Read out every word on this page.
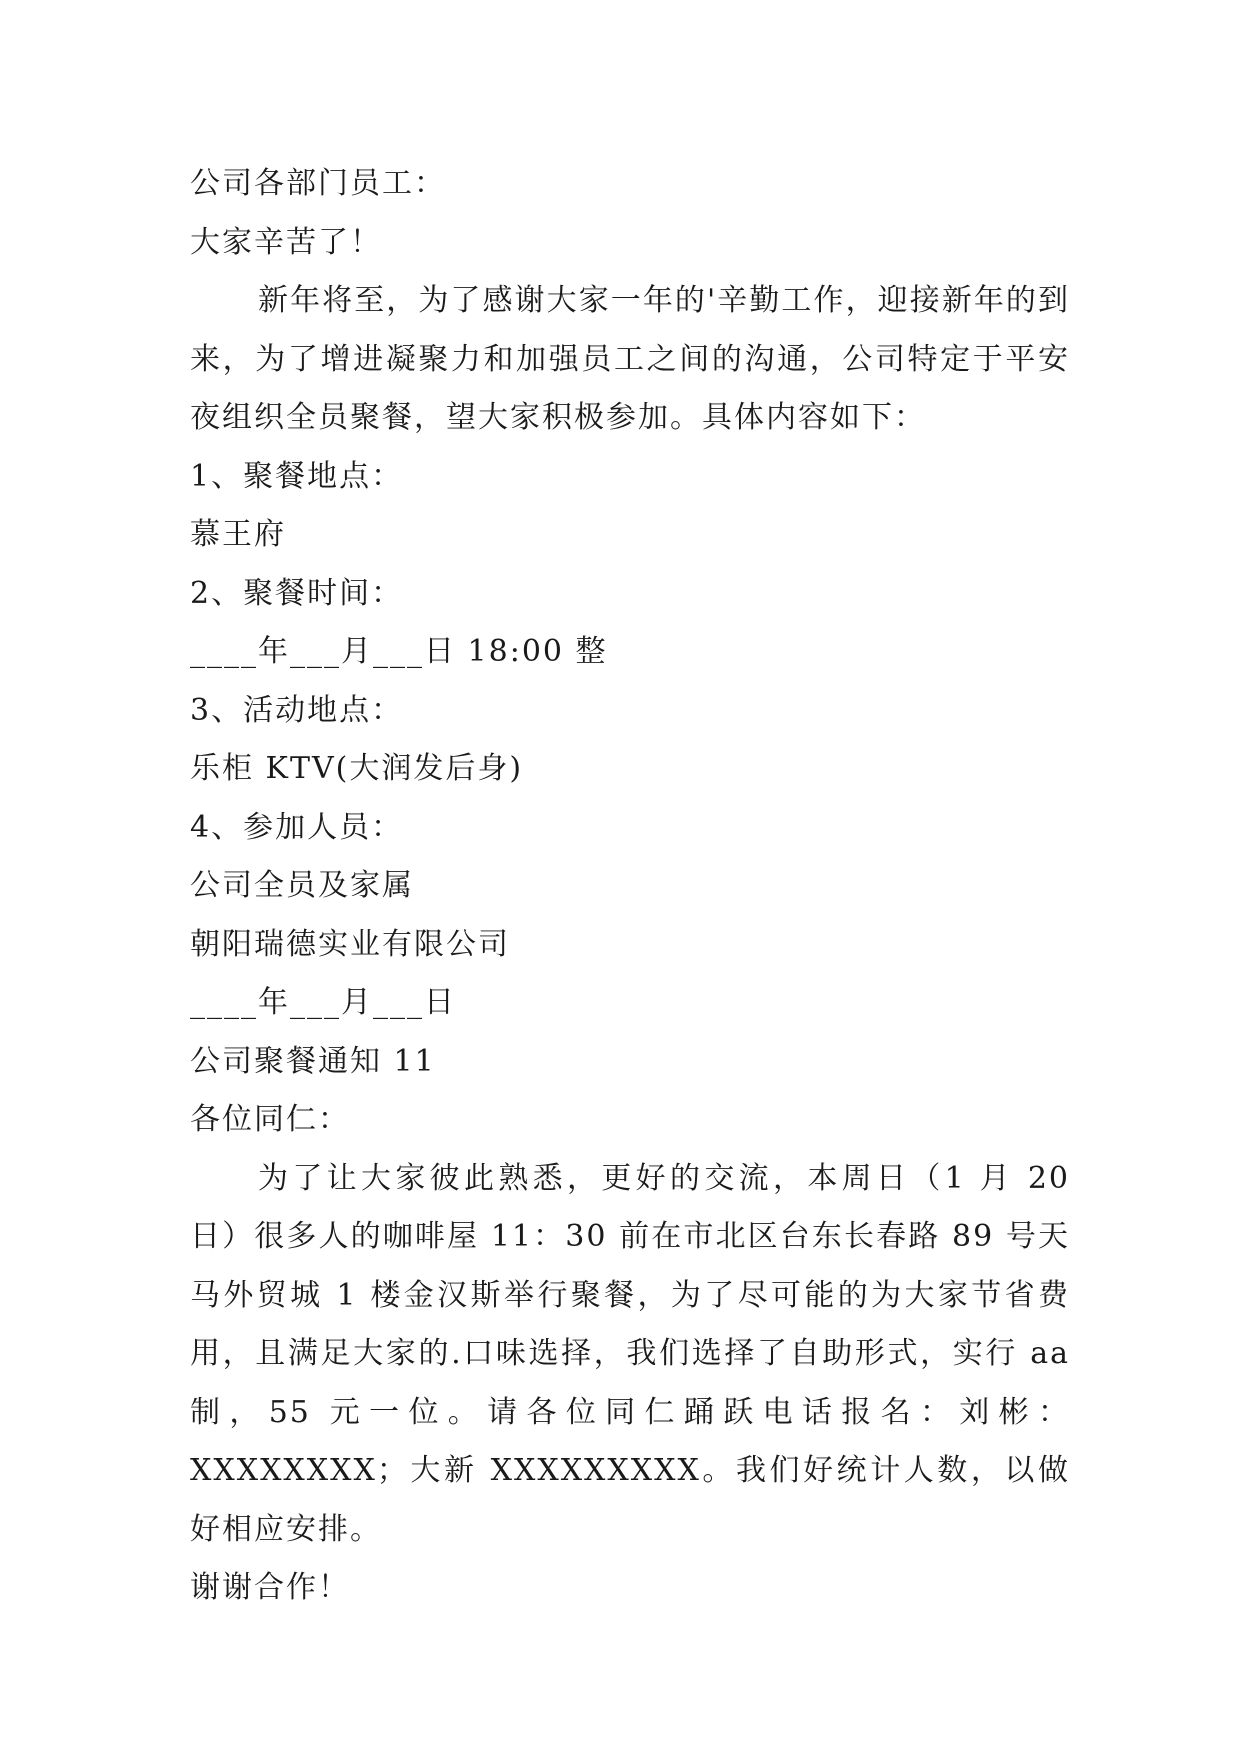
公司各部门员工：

大家辛苦了！

新年将至，为了感谢大家一年的'辛勤工作，迎接新年的到来，为了增进凝聚力和加强员工之间的沟通，公司特定于平安夜组织全员聚餐，望大家积极参加。具体内容如下：

1、聚餐地点：

慕王府

2、聚餐时间：

____年___月___日 18:00 整

3、活动地点：

乐柜 KTV(大润发后身)

4、参加人员：

公司全员及家属

朝阳瑞德实业有限公司

____年___月___日

公司聚餐通知 11

各位同仁：

为了让大家彼此熟悉，更好的交流，本周日（1 月 20 日）很多人的咖啡屋 11：30 前在市北区台东长春路 89 号天马外贸城 1 楼金汉斯举行聚餐，为了尽可能的为大家节省费用，且满足大家的.口味选择，我们选择了自助形式，实行 aa 制，55 元一位。请各位同仁踊跃电话报名：刘彬：XXXXXXXX；大新 XXXXXXXXX。我们好统计人数，以做好相应安排。

谢谢合作！
